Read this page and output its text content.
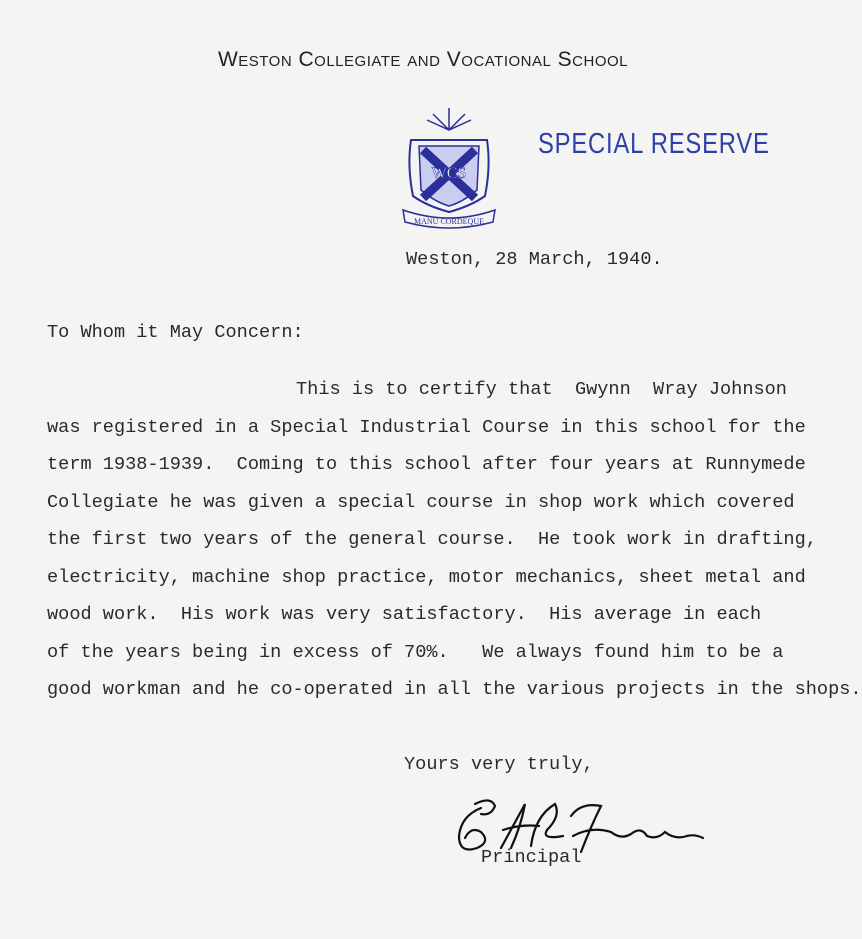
Weston Collegiate and Vocational School

MANU CORDEQUE
WCS

SPECIAL RESERVE
Weston, 28 March, 1940.
To Whom it May Concern:
This is to certify that  Gwynn  Wray Johnson
was registered in a Special Industrial Course in this school for the
term 1938-1939.  Coming to this school after four years at Runnymede
Collegiate he was given a special course in shop work which covered
the first two years of the general course.  He took work in drafting,
electricity, machine shop practice, motor mechanics, sheet metal and
wood work.  His work was very satisfactory.  His average in each
of the years being in excess of 70%.   We always found him to be a
good workman and he co-operated in all the various projects in the shops.
Yours very truly,

Principal
